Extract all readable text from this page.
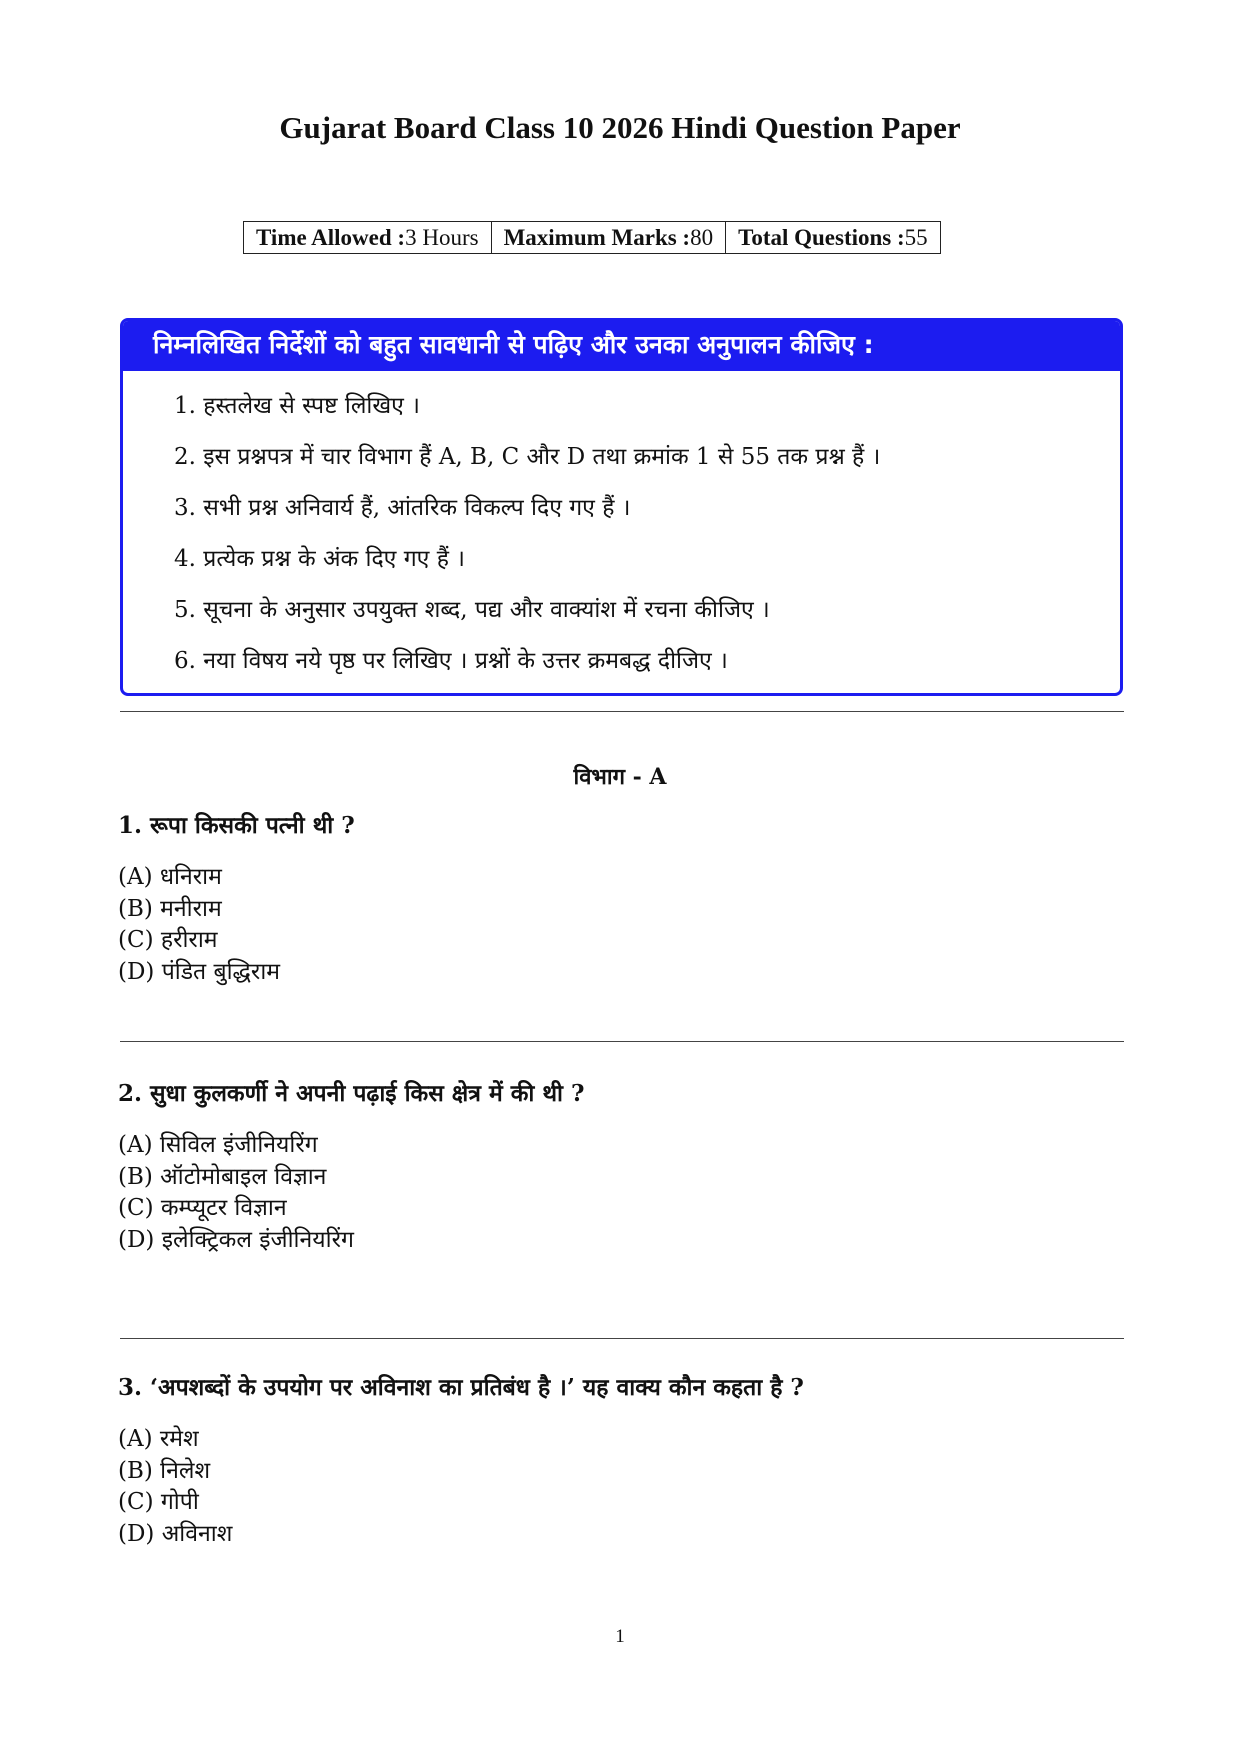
Gujarat Board Class 10 2026 Hindi Question Paper
Time Allowed :3 Hours	Maximum Marks :80	Total Questions :55
निम्नलिखित निर्देशों को बहुत सावधानी से पढ़िए और उनका अनुपालन कीजिए :
1. हस्तलेख से स्पष्ट लिखिए ।
2. इस प्रश्नपत्र में चार विभाग हैं A, B, C और D तथा क्रमांक 1 से 55 तक प्रश्न हैं ।
3. सभी प्रश्न अनिवार्य हैं, आंतरिक विकल्प दिए गए हैं ।
4. प्रत्येक प्रश्न के अंक दिए गए हैं ।
5. सूचना के अनुसार उपयुक्त शब्द, पद्य और वाक्यांश में रचना कीजिए ।
6. नया विषय नये पृष्ठ पर लिखिए । प्रश्नों के उत्तर क्रमबद्ध दीजिए ।
विभाग - A
1. रूपा किसकी पत्नी थी ?
(A) धनिराम
(B) मनीराम
(C) हरीराम
(D) पंडित बुद्धिराम
2. सुधा कुलकर्णी ने अपनी पढ़ाई किस क्षेत्र में की थी ?
(A) सिविल इंजीनियरिंग
(B) ऑटोमोबाइल विज्ञान
(C) कम्प्यूटर विज्ञान
(D) इलेक्ट्रिकल इंजीनियरिंग
3. ‘अपशब्दों के उपयोग पर अविनाश का प्रतिबंध है ।’ यह वाक्य कौन कहता है ?
(A) रमेश
(B) निलेश
(C) गोपी
(D) अविनाश
1
